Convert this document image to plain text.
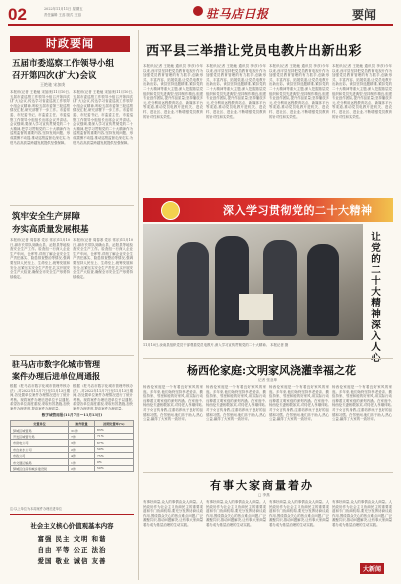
02	2022年11月11日 星期五
责任编辑 王蕊 版式 王蕊	驻马店日报	要闻
时政要闻
五届市委巡察工作领导小组
召开第四次(扩大)会议
王艳驰 宋加庚
本报讯(记者 王艳驰 宋加庚)11月10日,五届市委巡察工作领导小组召开第四次(扩大)会议,传达学习省委巡视工作领导小组会议精神,听取五届市委第三轮巡察情况汇报,研究部署下一步工作。市委常委、市纪委书记、市监委主任、市委巡察工作领导小组组长出席会议并讲话。会议强调,要深入学习宣传贯彻党的二十大精神,把学习贯彻党的二十大精神作为巡察监督的重要内容,坚持发现问题、形成震慑不动摇,推动巡察监督走深走实,为驻马店高质量跨越发展提供坚强保障。
本报讯(记者 王艳驰 宋加庚)11月10日,五届市委巡察工作领导小组召开第四次(扩大)会议,传达学习省委巡视工作领导小组会议精神,听取五届市委第三轮巡察情况汇报,研究部署下一步工作。市委常委、市纪委书记、市监委主任、市委巡察工作领导小组组长出席会议并讲话。会议强调,要深入学习宣传贯彻党的二十大精神,把学习贯彻党的二十大精神作为巡察监督的重要内容,坚持发现问题、形成震慑不动摇,推动巡察监督走深走实,为驻马店高质量跨越发展提供坚强保障。
筑牢安全生产屏障
夯实高质量发展根基
本报讯(记者 周春寒 党乐 常乐)11月10日,副市长带队到确山县、泌阳县等地检查安全生产工作。检查组一行深入企业生产车间、仓库等,详细了解企业安全生产责任落实、隐患排查整治等情况,强调要坚持人民至上、生命至上,统筹发展和安全,压紧压实安全生产责任,扎实开展安全生产大检查,确保全市安全生产形势持续稳定。
本报讯(记者 周春寒 党乐 常乐)11月10日,副市长带队到确山县、泌阳县等地检查安全生产工作。检查组一行深入企业生产车间、仓库等,详细了解企业安全生产责任落实、隐患排查整治等情况,强调要坚持人民至上、生命至上,统筹发展和安全,压紧压实安全生产责任,扎实开展安全生产大检查,确保全市安全生产形势持续稳定。
驻马店市数字化城市管理
案件办理后进单位周通报
根据《驻马店市数字化城市管理考核办法》,对2022年11月7日至11月13日期间,各处置单位案件办理情况进行了统计考核。现将案件办理后进单位予以通报,希望各单位高度重视,采取有效措施,加快案件办理进度,提高案件办理质量。
根据《驻马店市数字化城市管理考核办法》,对2022年11月7日至11月13日期间,各处置单位案件办理情况进行了统计考核。现将案件办理后进单位予以通报,希望各单位高度重视,采取有效措施,加快案件办理进度,提高案件办理质量。
数字城管周报(11月7日—11月13日)
处置单位	案件数量	按期处置率(%)
驿城区城管局	31件	83%
开发区城管分局	7件	71%
市供电公司	3件	67%
市自来水公司	2件	50%
市政公司	4件	75%
市交通运输局	1件	0%
驿城区住房和城乡建设局	2件	50%
注:以上单位为本周案件办理后进单位
社会主义核心价值观基本内容
富强 民主 文明 和谐
自由 平等 公正 法治
爱国 敬业 诚信 友善
西平县三举措让党员电教片出新出彩
本报讯(记者 王艳驰 通讯员 李彦)今年以来,西平县坚持把党员教育电视片作为加强党员教育管理的有力抓手,创新形式、丰富内容、拓展渠道,让党员电教片出新出彩。该县坚持选题精准,紧扣党的二十大精神等重大主题,深入挖掘基层党组织和党员先进典型;坚持制作精良,组建专业创作团队,提升作品质量;坚持播放多元,充分利用远程教育站点、新媒体平台等渠道,推动党员电教片进机关、进农村、进社区、进企业,不断增强党员教育的针对性和实效性。
本报讯(记者 王艳驰 通讯员 李彦)今年以来,西平县坚持把党员教育电视片作为加强党员教育管理的有力抓手,创新形式、丰富内容、拓展渠道,让党员电教片出新出彩。该县坚持选题精准,紧扣党的二十大精神等重大主题,深入挖掘基层党组织和党员先进典型;坚持制作精良,组建专业创作团队,提升作品质量;坚持播放多元,充分利用远程教育站点、新媒体平台等渠道,推动党员电教片进机关、进农村、进社区、进企业,不断增强党员教育的针对性和实效性。
本报讯(记者 王艳驰 通讯员 李彦)今年以来,西平县坚持把党员教育电视片作为加强党员教育管理的有力抓手,创新形式、丰富内容、拓展渠道,让党员电教片出新出彩。该县坚持选题精准,紧扣党的二十大精神等重大主题,深入挖掘基层党组织和党员先进典型;坚持制作精良,组建专业创作团队,提升作品质量;坚持播放多元,充分利用远程教育站点、新媒体平台等渠道,推动党员电教片进机关、进农村、进社区、进企业,不断增强党员教育的针对性和实效性。
本报讯(记者 王艳驰 通讯员 李彦)今年以来,西平县坚持把党员教育电视片作为加强党员教育管理的有力抓手,创新形式、丰富内容、拓展渠道,让党员电教片出新出彩。该县坚持选题精准,紧扣党的二十大精神等重大主题,深入挖掘基层党组织和党员先进典型;坚持制作精良,组建专业创作团队,提升作品质量;坚持播放多元,充分利用远程教育站点、新媒体平台等渠道,推动党员电教片进机关、进农村、进社区、进企业,不断增强党员教育的针对性和实效性。
深入学习贯彻党的二十大精神
让党的二十大精神深入人心
11月10日,汝南县组织党员干部观看党员电教片,深入学习宣传贯彻党的二十大精神。 本报记者 摄
杨西伦家庭:文明家风浇灌幸福之花
记者 张亚坤
杨西伦家庭是一个有着良好家风的家庭。多年来,他们始终坚持孝老爱亲、勤俭持家、邻里和睦的好家风,用实际行动诠释着文明家庭的深刻内涵。在家庭中,杨西伦夫妻相敬如宾,对待老人孝顺体贴,对子女言传身教,注重培养孩子良好的品德和习惯。在邻里间,他们乐于助人,热心公益,赢得了大家的一致好评。
杨西伦家庭是一个有着良好家风的家庭。多年来,他们始终坚持孝老爱亲、勤俭持家、邻里和睦的好家风,用实际行动诠释着文明家庭的深刻内涵。在家庭中,杨西伦夫妻相敬如宾,对待老人孝顺体贴,对子女言传身教,注重培养孩子良好的品德和习惯。在邻里间,他们乐于助人,热心公益,赢得了大家的一致好评。
杨西伦家庭是一个有着良好家风的家庭。多年来,他们始终坚持孝老爱亲、勤俭持家、邻里和睦的好家风,用实际行动诠释着文明家庭的深刻内涵。在家庭中,杨西伦夫妻相敬如宾,对待老人孝顺体贴,对子女言传身教,注重培养孩子良好的品德和习惯。在邻里间,他们乐于助人,热心公益,赢得了大家的一致好评。
杨西伦家庭是一个有着良好家风的家庭。多年来,他们始终坚持孝老爱亲、勤俭持家、邻里和睦的好家风,用实际行动诠释着文明家庭的深刻内涵。在家庭中,杨西伦夫妻相敬如宾,对待老人孝顺体贴,对子女言传身教,注重培养孩子良好的品德和习惯。在邻里间,他们乐于助人,热心公益,赢得了大家的一致好评。
有事大家商量着办
□ 李燕
有事好商量,众人的事情由众人商量。人民政协作为社会主义协商民主的重要渠道和专门协商机构,要充分发挥协商议政作用,围绕群众关心的热点难点问题,广泛凝聚共识,推动问题解决,让有事大家商量着办成为基层治理的生动实践。
有事好商量,众人的事情由众人商量。人民政协作为社会主义协商民主的重要渠道和专门协商机构,要充分发挥协商议政作用,围绕群众关心的热点难点问题,广泛凝聚共识,推动问题解决,让有事大家商量着办成为基层治理的生动实践。
有事好商量,众人的事情由众人商量。人民政协作为社会主义协商民主的重要渠道和专门协商机构,要充分发挥协商议政作用,围绕群众关心的热点难点问题,广泛凝聚共识,推动问题解决,让有事大家商量着办成为基层治理的生动实践。
有事好商量,众人的事情由众人商量。人民政协作为社会主义协商民主的重要渠道和专门协商机构,要充分发挥协商议政作用,围绕群众关心的热点难点问题,广泛凝聚共识,推动问题解决,让有事大家商量着办成为基层治理的生动实践。
大新闻
